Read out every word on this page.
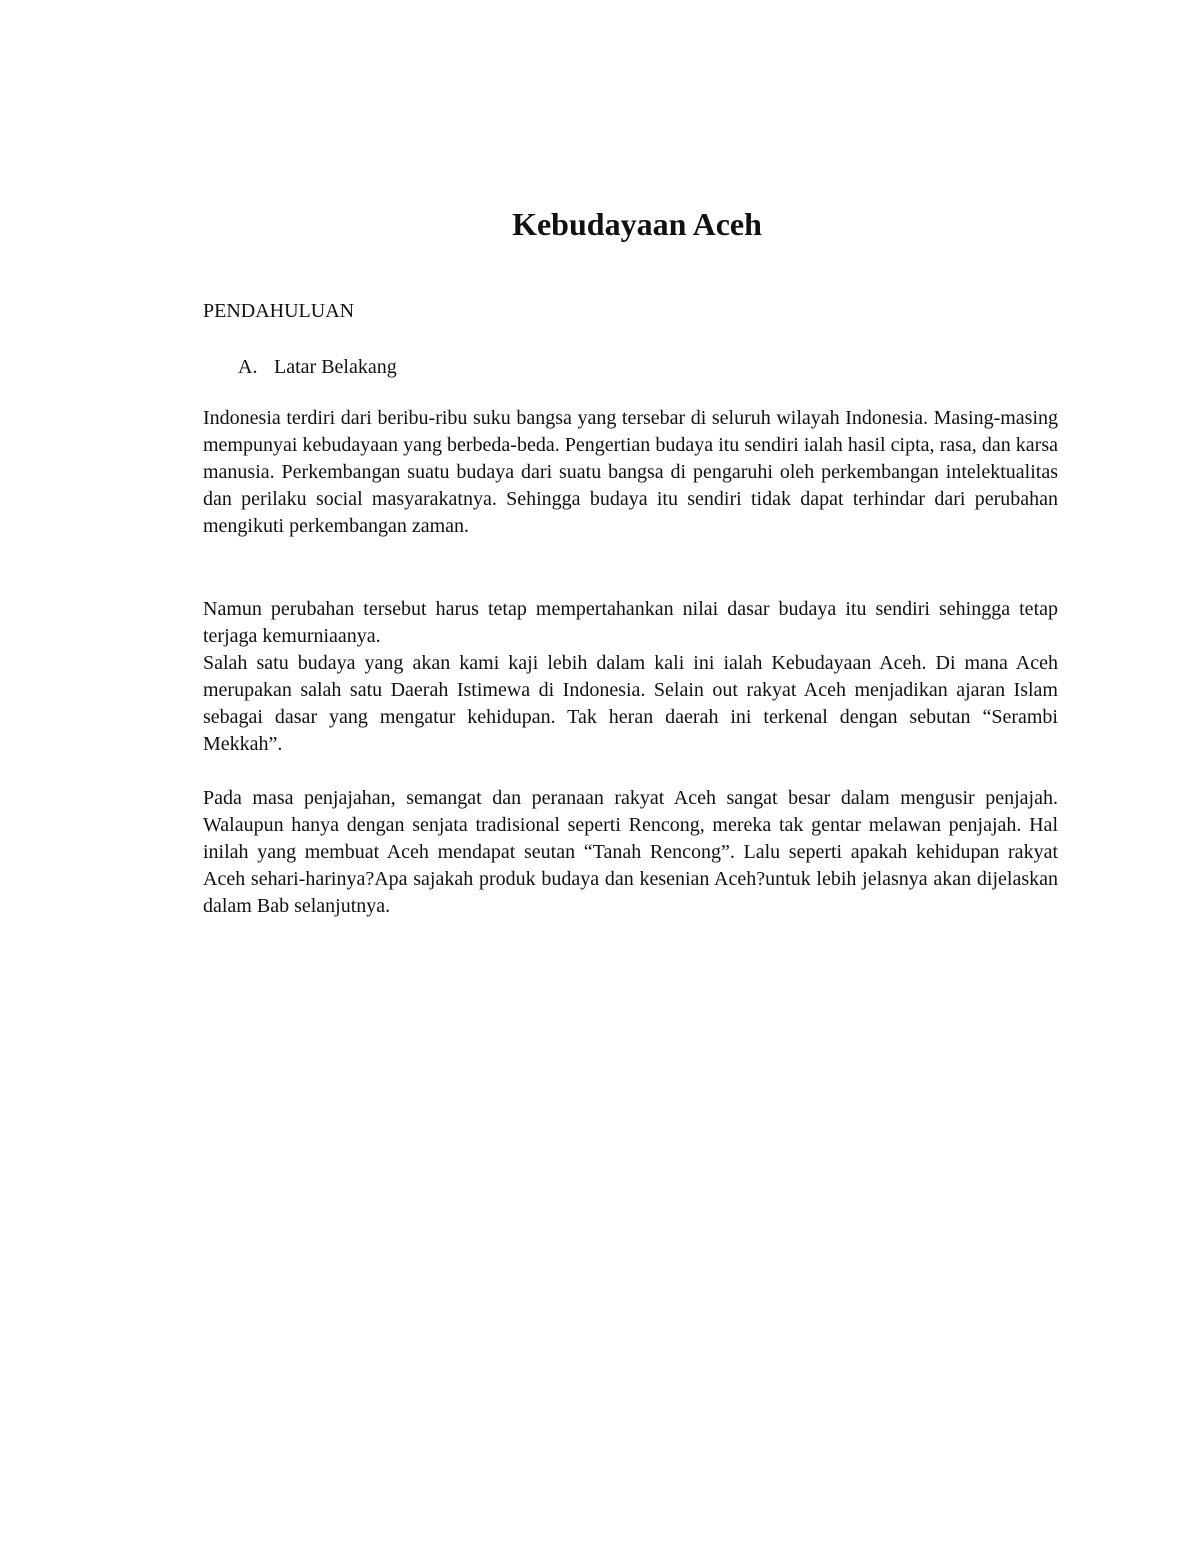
Kebudayaan Aceh

PENDAHULUAN

A. Latar Belakang

Indonesia terdiri dari beribu-ribu suku bangsa yang tersebar di seluruh wilayah Indonesia. Masing-masing mempunyai kebudayaan yang berbeda-beda. Pengertian budaya itu sendiri ialah hasil cipta, rasa, dan karsa manusia. Perkembangan suatu budaya dari suatu bangsa di pengaruhi oleh perkembangan intelektualitas dan perilaku social masyarakatnya. Sehingga budaya itu sendiri tidak dapat terhindar dari perubahan mengikuti perkembangan zaman.

Namun perubahan tersebut harus tetap mempertahankan nilai dasar budaya itu sendiri sehingga tetap terjaga kemurniaanya.

Salah satu budaya yang akan kami kaji lebih dalam kali ini ialah Kebudayaan Aceh. Di mana Aceh merupakan salah satu Daerah Istimewa di Indonesia. Selain out rakyat Aceh menjadikan ajaran Islam sebagai dasar yang mengatur kehidupan. Tak heran daerah ini terkenal dengan sebutan “Serambi Mekkah”.

Pada masa penjajahan, semangat dan peranaan rakyat Aceh sangat besar dalam mengusir penjajah. Walaupun hanya dengan senjata tradisional seperti Rencong, mereka tak gentar melawan penjajah. Hal inilah yang membuat Aceh mendapat seutan “Tanah Rencong”. Lalu seperti apakah kehidupan rakyat Aceh sehari-harinya?Apa sajakah produk budaya dan kesenian Aceh?untuk lebih jelasnya akan dijelaskan dalam Bab selanjutnya.
